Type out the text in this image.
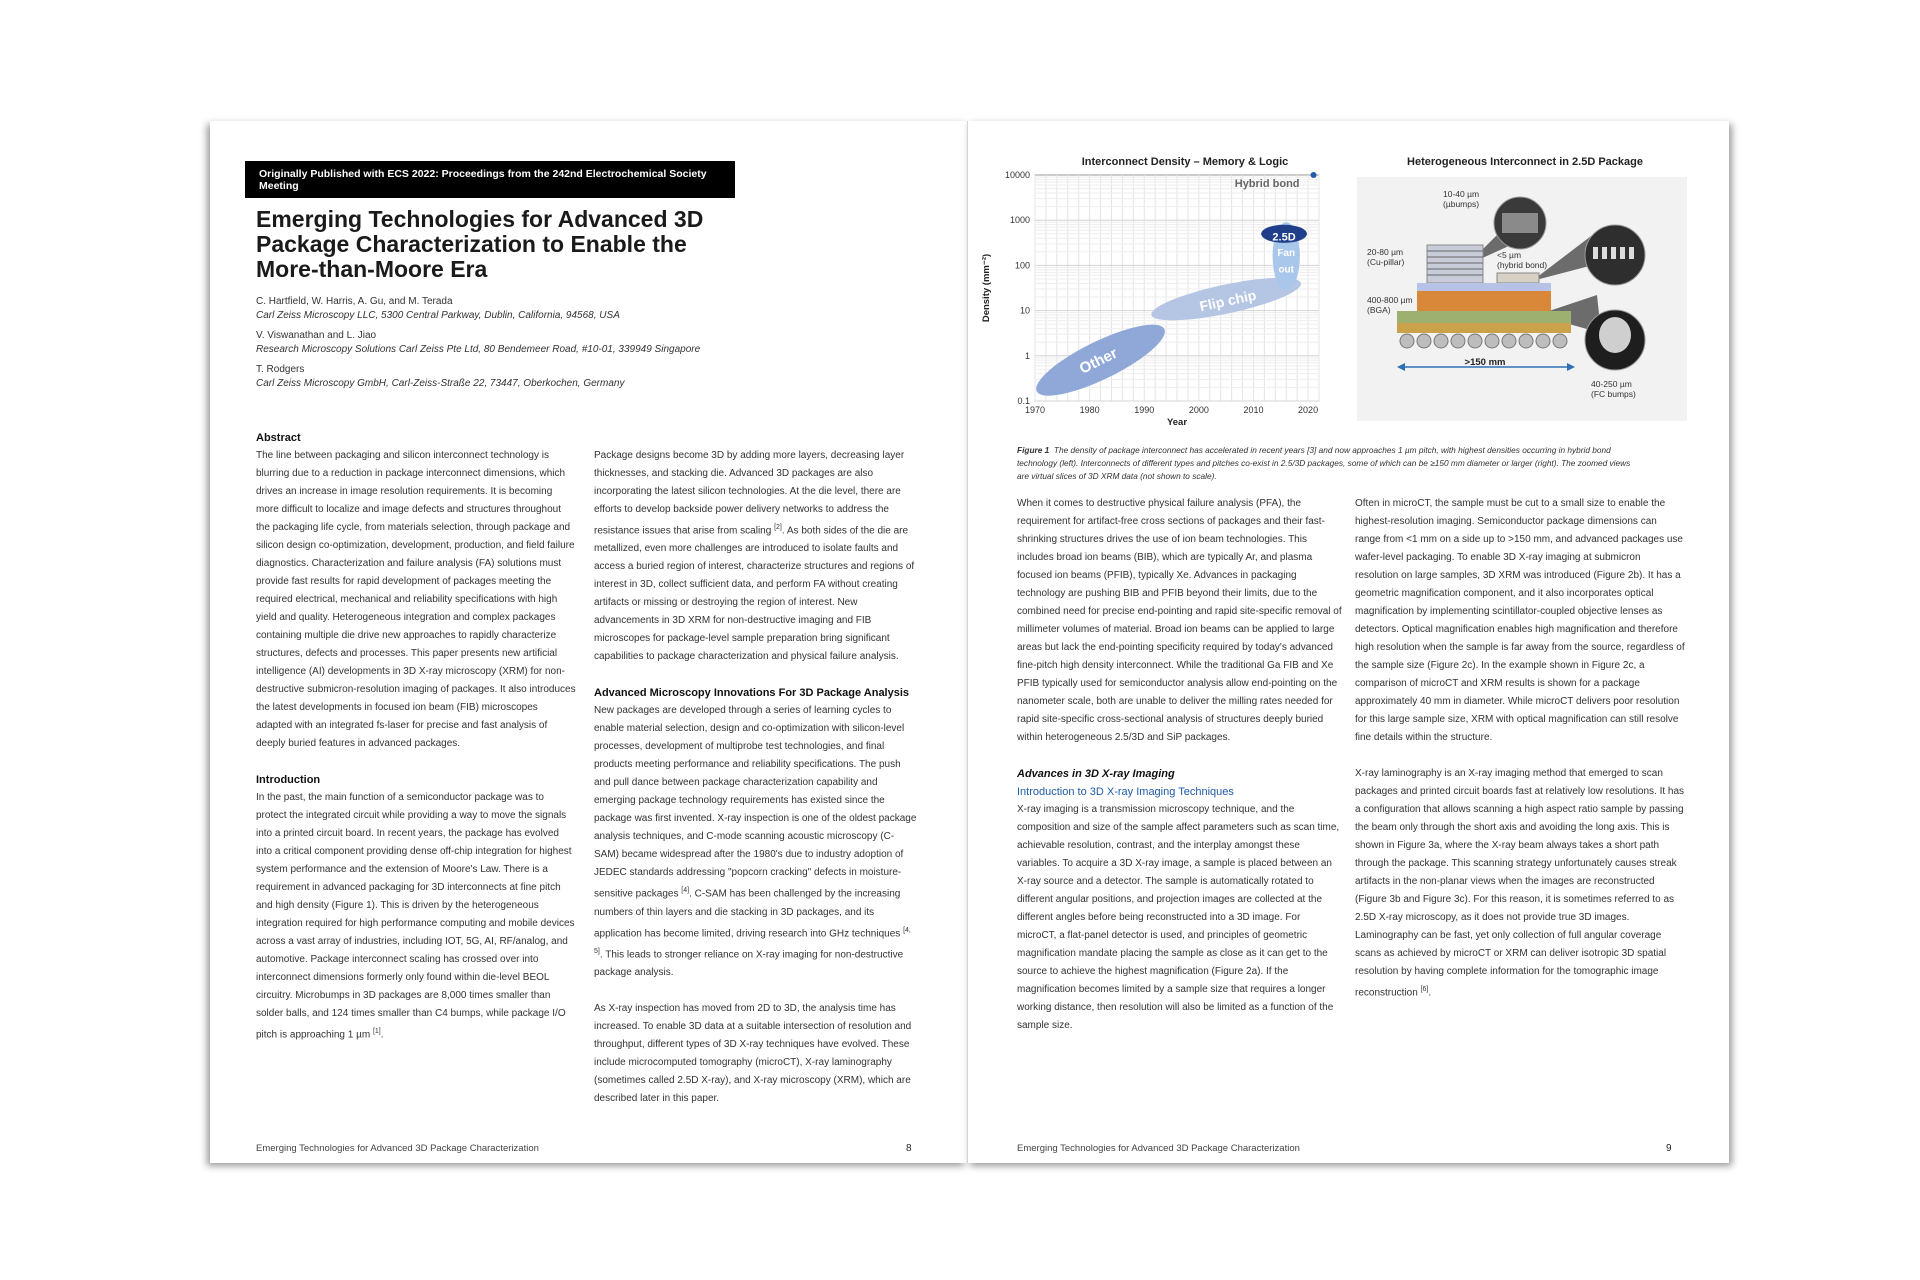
Originally Published with ECS 2022: Proceedings from the 242nd Electrochemical Society Meeting
Emerging Technologies for Advanced 3D Package Characterization to Enable the More-than-Moore Era
C. Hartfield, W. Harris, A. Gu, and M. Terada
Carl Zeiss Microscopy LLC, 5300 Central Parkway, Dublin, California, 94568, USA
V. Viswanathan and L. Jiao
Research Microscopy Solutions Carl Zeiss Pte Ltd, 80 Bendemeer Road, #10-01, 339949 Singapore
T. Rodgers
Carl Zeiss Microscopy GmbH, Carl-Zeiss-Straße 22, 73447, Oberkochen, Germany

Abstract

The line between packaging and silicon interconnect technology is blurring due to a reduction in package interconnect dimensions, which drives an increase in image resolution requirements. It is becoming more difficult to localize and image defects and structures throughout the packaging life cycle, from materials selection, through package and silicon design co-optimization, development, production, and field failure diagnostics. Characterization and failure analysis (FA) solutions must provide fast results for rapid development of packages meeting the required electrical, mechanical and reliability specifications with high yield and quality. Heterogeneous integration and complex packages containing multiple die drive new approaches to rapidly characterize structures, defects and processes. This paper presents new artificial intelligence (AI) developments in 3D X-ray microscopy (XRM) for non-destructive submicron-resolution imaging of packages. It also introduces the latest developments in focused ion beam (FIB) microscopes adapted with an integrated fs-laser for precise and fast analysis of deeply buried features in advanced packages.

Introduction

In the past, the main function of a semiconductor package was to protect the integrated circuit while providing a way to move the signals into a printed circuit board. In recent years, the package has evolved into a critical component providing dense off-chip integration for highest system performance and the extension of Moore's Law. There is a requirement in advanced packaging for 3D interconnects at fine pitch and high density (Figure 1). This is driven by the heterogeneous integration required for high performance computing and mobile devices across a vast array of industries, including IOT, 5G, AI, RF/analog, and automotive. Package interconnect scaling has crossed over into interconnect dimensions formerly only found within die-level BEOL circuitry. Microbumps in 3D packages are 8,000 times smaller than solder balls, and 124 times smaller than C4 bumps, while package I/O pitch is approaching 1 µm [1].

Package designs become 3D by adding more layers, decreasing layer thicknesses, and stacking die. Advanced 3D packages are also incorporating the latest silicon technologies. At the die level, there are efforts to develop backside power delivery networks to address the resistance issues that arise from scaling [2]. As both sides of the die are metallized, even more challenges are introduced to isolate faults and access a buried region of interest, characterize structures and regions of interest in 3D, collect sufficient data, and perform FA without creating artifacts or missing or destroying the region of interest. New advancements in 3D XRM for non-destructive imaging and FIB microscopes for package-level sample preparation bring significant capabilities to package characterization and physical failure analysis.

Advanced Microscopy Innovations For 3D Package Analysis

New packages are developed through a series of learning cycles to enable material selection, design and co-optimization with silicon-level processes, development of multiprobe test technologies, and final products meeting performance and reliability specifications. The push and pull dance between package characterization capability and emerging package technology requirements has existed since the package was first invented. X-ray inspection is one of the oldest package analysis techniques, and C-mode scanning acoustic microscopy (C-SAM) became widespread after the 1980's due to industry adoption of JEDEC standards addressing "popcorn cracking" defects in moisture-sensitive packages [4]. C-SAM has been challenged by the increasing numbers of thin layers and die stacking in 3D packages, and its application has become limited, driving research into GHz techniques [4, 5]. This leads to stronger reliance on X-ray imaging for non-destructive package analysis.

As X-ray inspection has moved from 2D to 3D, the analysis time has increased. To enable 3D data at a suitable intersection of resolution and throughput, different types of 3D X-ray techniques have evolved. These include microcomputed tomography (microCT), X-ray laminography (sometimes called 2.5D X-ray), and X-ray microscopy (XRM), which are described later in this paper.

Emerging Technologies for Advanced 3D Package Characterization	8
Interconnect Density – Memory & Logic
Other
Flip chip
Fan
out
2.5D
1970	1980	1990	2000	2010	2020
0.1
1
10
100
1000
10000
Year
Density (mm⁻²)
Hybrid bond
Heterogeneous Interconnect in 2.5D Package
>150 mm
10-40 µm (µbumps)
20-80 µm (Cu-pillar)
<5 µm (hybrid bond)
400-800 µm (BGA)
40-250 µm (FC bumps)
Figure 1 The density of package interconnect has accelerated in recent years [3] and now approaches 1 µm pitch, with highest densities occurring in hybrid bond technology (left). Interconnects of different types and pitches co-exist in 2.5/3D packages, some of which can be ≥150 mm diameter or larger (right). The zoomed views are virtual slices of 3D XRM data (not shown to scale).

When it comes to destructive physical failure analysis (PFA), the requirement for artifact-free cross sections of packages and their fast-shrinking structures drives the use of ion beam technologies. This includes broad ion beams (BIB), which are typically Ar, and plasma focused ion beams (PFIB), typically Xe. Advances in packaging technology are pushing BIB and PFIB beyond their limits, due to the combined need for precise end-pointing and rapid site-specific removal of millimeter volumes of material. Broad ion beams can be applied to large areas but lack the end-pointing specificity required by today's advanced fine-pitch high density interconnect. While the traditional Ga FIB and Xe PFIB typically used for semiconductor analysis allow end-pointing on the nanometer scale, both are unable to deliver the milling rates needed for rapid site-specific cross-sectional analysis of structures deeply buried within heterogeneous 2.5/3D and SiP packages.

Advances in 3D X-ray Imaging

Introduction to 3D X-ray Imaging Techniques

X-ray imaging is a transmission microscopy technique, and the composition and size of the sample affect parameters such as scan time, achievable resolution, contrast, and the interplay amongst these variables. To acquire a 3D X-ray image, a sample is placed between an X-ray source and a detector. The sample is automatically rotated to different angular positions, and projection images are collected at the different angles before being reconstructed into a 3D image. For microCT, a flat-panel detector is used, and principles of geometric magnification mandate placing the sample as close as it can get to the source to achieve the highest magnification (Figure 2a). If the magnification becomes limited by a sample size that requires a longer working distance, then resolution will also be limited as a function of the sample size.

Often in microCT, the sample must be cut to a small size to enable the highest-resolution imaging. Semiconductor package dimensions can range from <1 mm on a side up to >150 mm, and advanced packages use wafer-level packaging. To enable 3D X-ray imaging at submicron resolution on large samples, 3D XRM was introduced (Figure 2b). It has a geometric magnification component, and it also incorporates optical magnification by implementing scintillator-coupled objective lenses as detectors. Optical magnification enables high magnification and therefore high resolution when the sample is far away from the source, regardless of the sample size (Figure 2c). In the example shown in Figure 2c, a comparison of microCT and XRM results is shown for a package approximately 40 mm in diameter. While microCT delivers poor resolution for this large sample size, XRM with optical magnification can still resolve fine details within the structure.

X-ray laminography is an X-ray imaging method that emerged to scan packages and printed circuit boards fast at relatively low resolutions. It has a configuration that allows scanning a high aspect ratio sample by passing the beam only through the short axis and avoiding the long axis. This is shown in Figure 3a, where the X-ray beam always takes a short path through the package. This scanning strategy unfortunately causes streak artifacts in the non-planar views when the images are reconstructed (Figure 3b and Figure 3c). For this reason, it is sometimes referred to as 2.5D X-ray microscopy, as it does not provide true 3D images. Laminography can be fast, yet only collection of full angular coverage scans as achieved by microCT or XRM can deliver isotropic 3D spatial resolution by having complete information for the tomographic image reconstruction [6].

Emerging Technologies for Advanced 3D Package Characterization	9
